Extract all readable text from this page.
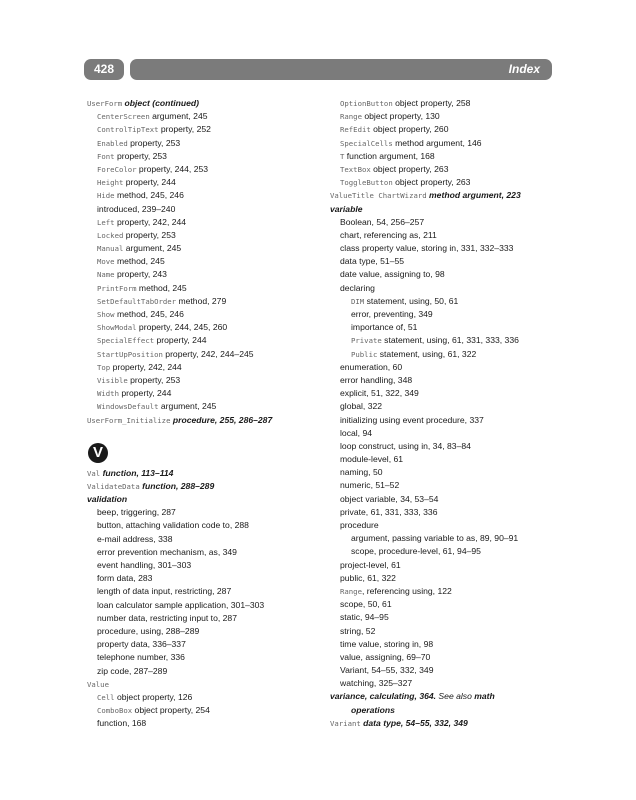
428	Index
UserForm object (continued)
CenterScreen argument, 245
ControlTipText property, 252
Enabled property, 253
Font property, 253
ForeColor property, 244, 253
Height property, 244
Hide method, 245, 246
introduced, 239–240
Left property, 242, 244
Locked property, 253
Manual argument, 245
Move method, 245
Name property, 243
PrintForm method, 245
SetDefaultTabOrder method, 279
Show method, 245, 246
ShowModal property, 244, 245, 260
SpecialEffect property, 244
StartUpPosition property, 242, 244–245
Top property, 242, 244
Visible property, 253
Width property, 244
WindowsDefault argument, 245
UserForm_Initialize procedure, 255, 286–287
V
Val function, 113–114
ValidateData function, 288–289
validation
beep, triggering, 287
button, attaching validation code to, 288
e-mail address, 338
error prevention mechanism, as, 349
event handling, 301–303
form data, 283
length of data input, restricting, 287
loan calculator sample application, 301–303
number data, restricting input to, 287
procedure, using, 288–289
property data, 336–337
telephone number, 336
zip code, 287–289
Value
Cell object property, 126
ComboBox object property, 254
function, 168
OptionButton object property, 258
Range object property, 130
RefEdit object property, 260
SpecialCells method argument, 146
T function argument, 168
TextBox object property, 263
ToggleButton object property, 263
ValueTitle ChartWizard method argument, 223
variable
Boolean, 54, 256–257
chart, referencing as, 211
class property value, storing in, 331, 332–333
data type, 51–55
date value, assigning to, 98
declaring
DIM statement, using, 50, 61
error, preventing, 349
importance of, 51
Private statement, using, 61, 331, 333, 336
Public statement, using, 61, 322
enumeration, 60
error handling, 348
explicit, 51, 322, 349
global, 322
initializing using event procedure, 337
local, 94
loop construct, using in, 34, 83–84
module-level, 61
naming, 50
numeric, 51–52
object variable, 34, 53–54
private, 61, 331, 333, 336
procedure
argument, passing variable to as, 89, 90–91
scope, procedure-level, 61, 94–95
project-level, 61
public, 61, 322
Range, referencing using, 122
scope, 50, 61
static, 94–95
string, 52
time value, storing in, 98
value, assigning, 69–70
Variant, 54–55, 332, 349
watching, 325–327
variance, calculating, 364. See also math
operations
Variant data type, 54–55, 332, 349
